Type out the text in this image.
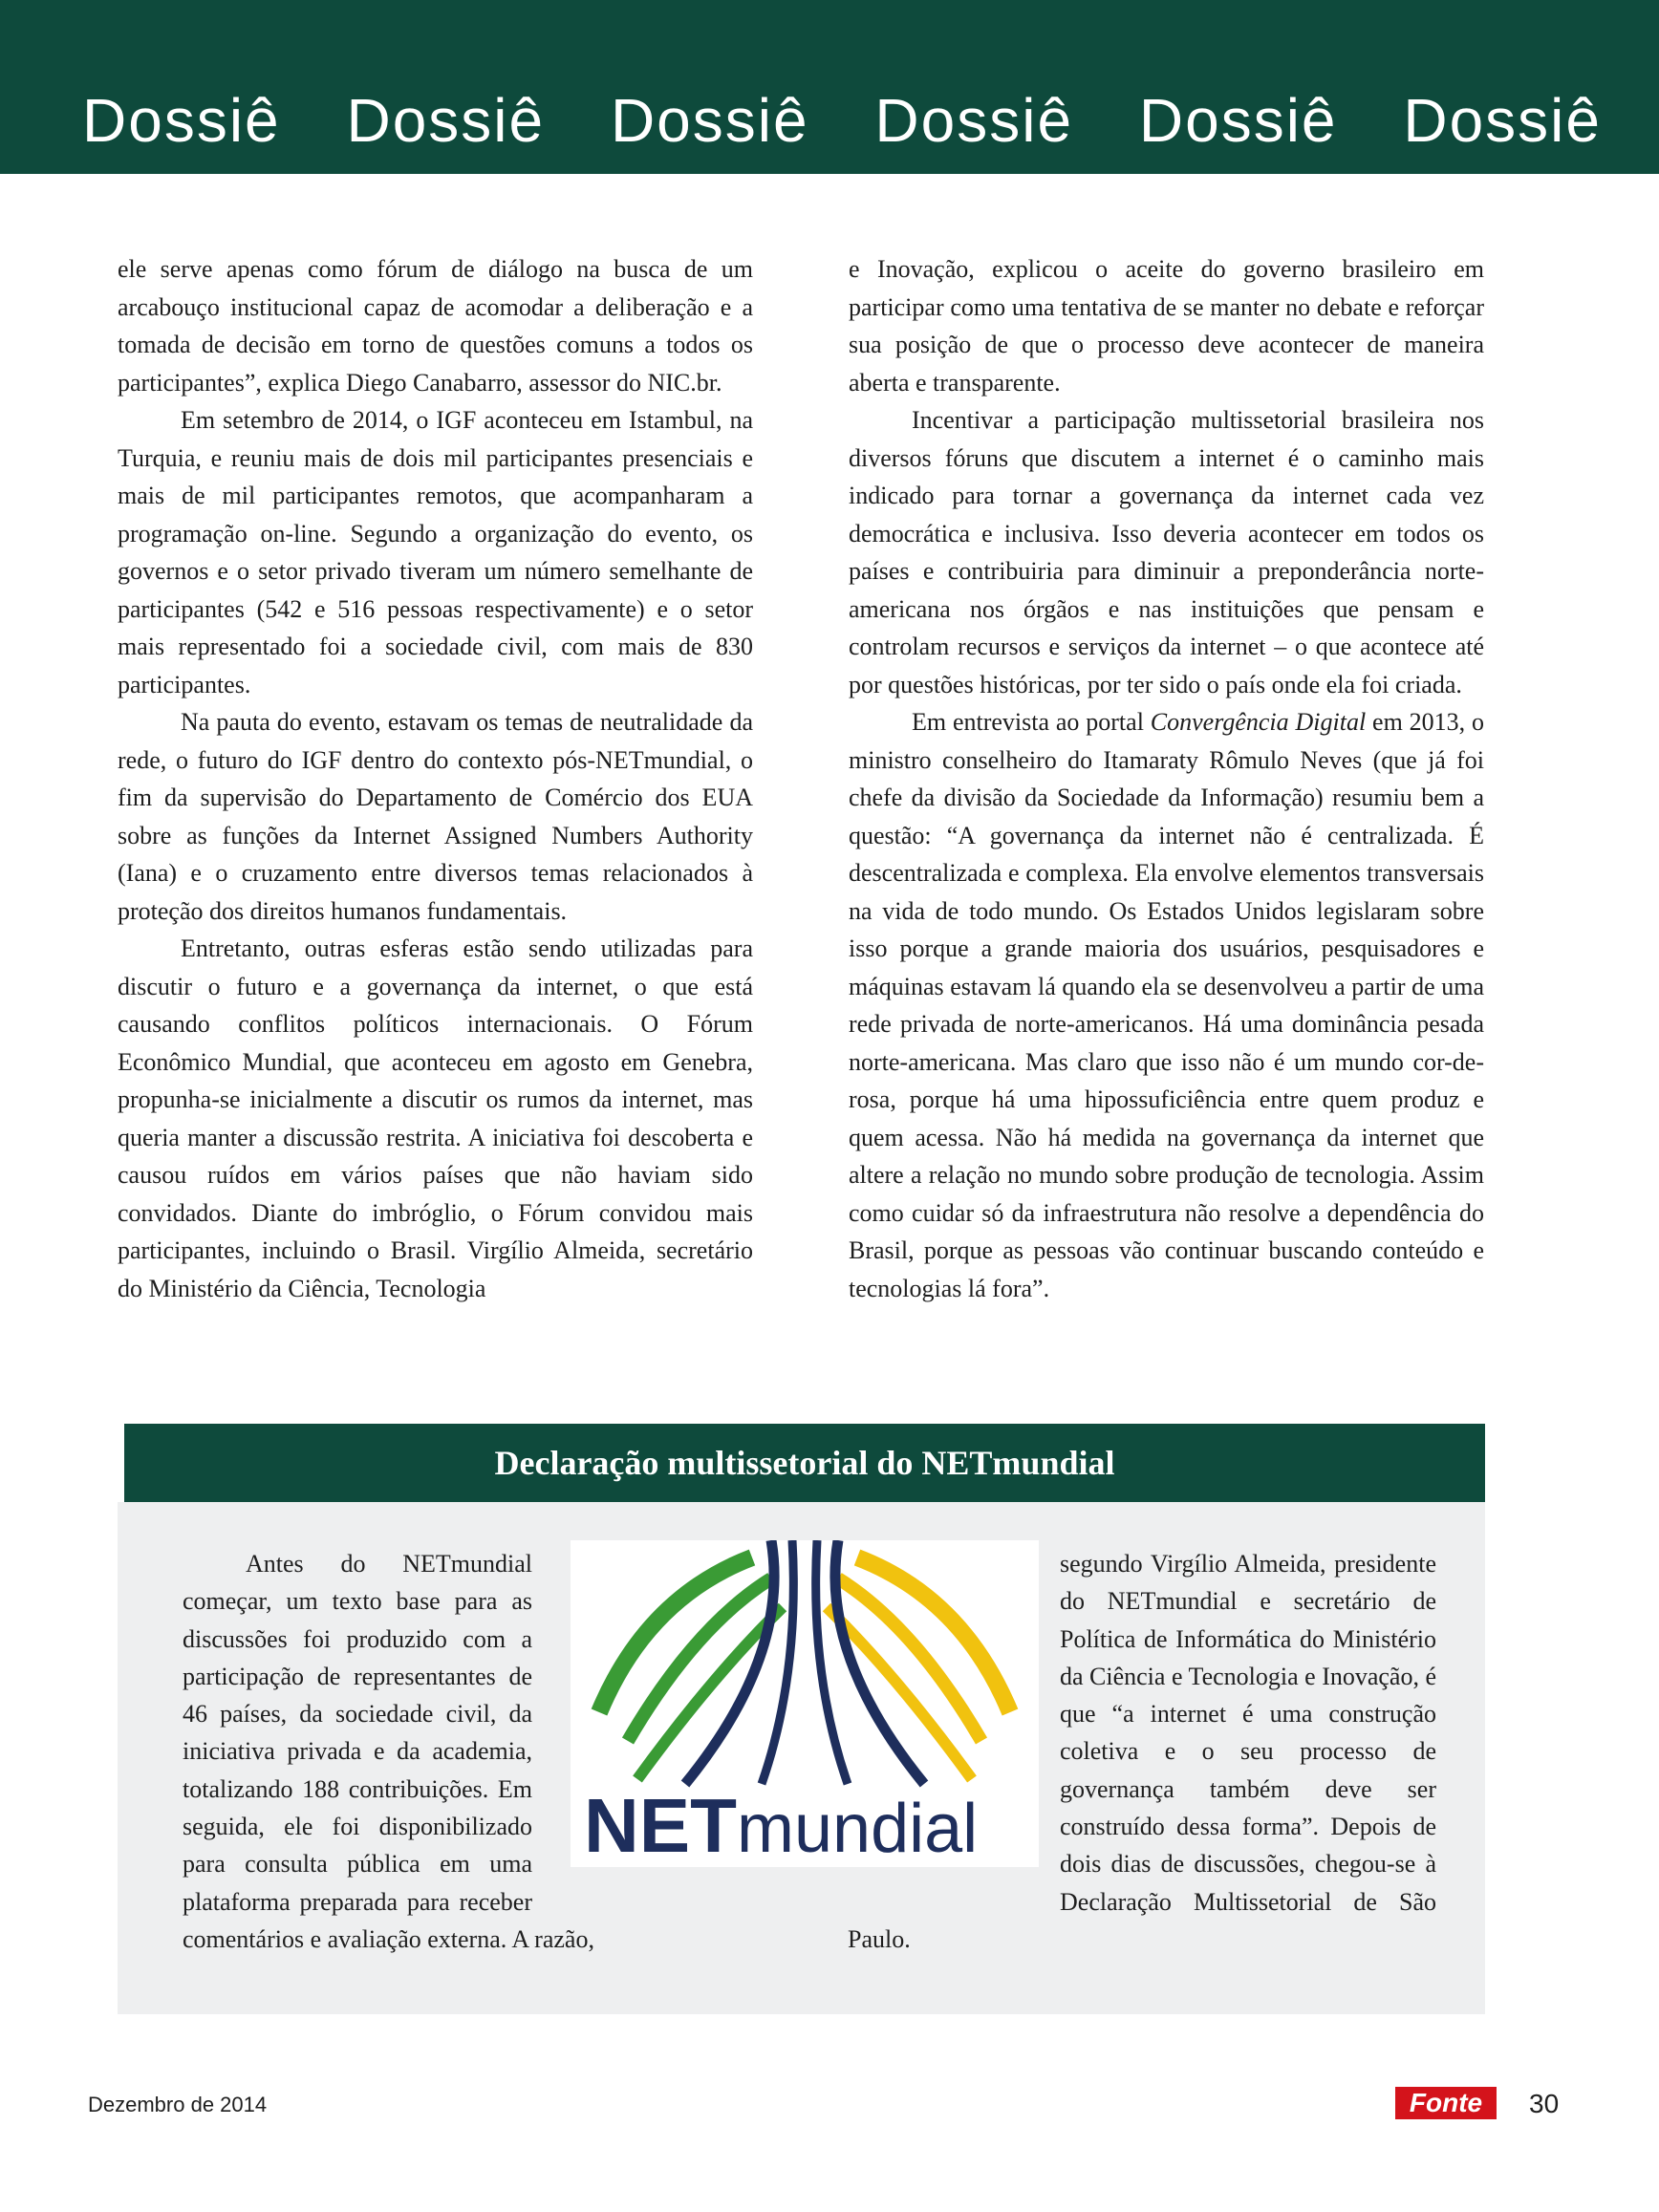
Dossiê Dossiê Dossiê Dossiê Dossiê Dossiê

ele serve apenas como fórum de diálogo na busca de um arcabouço institucional capaz de acomodar a deliberação e a tomada de decisão em torno de questões comuns a todos os participantes”, explica Diego Canabarro, assessor do NIC.br.

Em setembro de 2014, o IGF aconteceu em Istambul, na Turquia, e reuniu mais de dois mil participantes presenciais e mais de mil participantes remotos, que acompanharam a programação on-line. Segundo a organização do evento, os governos e o setor privado tiveram um número semelhante de participantes (542 e 516 pessoas respectivamente) e o setor mais representado foi a sociedade civil, com mais de 830 participantes.

Na pauta do evento, estavam os temas de neutralidade da rede, o futuro do IGF dentro do contexto pós-NETmundial, o fim da supervisão do Departamento de Comércio dos EUA sobre as funções da Internet Assigned Numbers Authority (Iana) e o cruzamento entre diversos temas relacionados à proteção dos direitos humanos fundamentais.

Entretanto, outras esferas estão sendo utilizadas para discutir o futuro e a governança da internet, o que está causando conflitos políticos internacionais. O Fórum Econômico Mundial, que aconteceu em agosto em Genebra, propunha-se inicialmente a discutir os rumos da internet, mas queria manter a discussão restrita. A iniciativa foi descoberta e causou ruídos em vários países que não haviam sido convidados. Diante do imbróglio, o Fórum convidou mais participantes, incluindo o Brasil. Virgílio Almeida, secretário do Ministério da Ciência, Tecnologia

e Inovação, explicou o aceite do governo brasileiro em participar como uma tentativa de se manter no debate e reforçar sua posição de que o processo deve acontecer de maneira aberta e transparente.

Incentivar a participação multissetorial brasileira nos diversos fóruns que discutem a internet é o caminho mais indicado para tornar a governança da internet cada vez democrática e inclusiva. Isso deveria acontecer em todos os países e contribuiria para diminuir a preponderância norte-americana nos órgãos e nas instituições que pensam e controlam recursos e serviços da internet – o que acontece até por questões históricas, por ter sido o país onde ela foi criada.

Em entrevista ao portal Convergência Digital em 2013, o ministro conselheiro do Itamaraty Rômulo Neves (que já foi chefe da divisão da Sociedade da Informação) resumiu bem a questão: “A governança da internet não é centralizada. É descentralizada e complexa. Ela envolve elementos transversais na vida de todo mundo. Os Estados Unidos legislaram sobre isso porque a grande maioria dos usuários, pesquisadores e máquinas estavam lá quando ela se desenvolveu a partir de uma rede privada de norte-americanos. Há uma dominância pesada norte-americana. Mas claro que isso não é um mundo cor-de-rosa, porque há uma hipossuficiência entre quem produz e quem acessa. Não há medida na governança da internet que altere a relação no mundo sobre produção de tecnologia. Assim como cuidar só da infraestrutura não resolve a dependência do Brasil, porque as pessoas vão continuar buscando conteúdo e tecnologias lá fora”.

Declaração multissetorial do NETmundial

Antes do NETmundial começar, um texto base para as discussões foi produzido com a participação de representantes de 46 países, da sociedade civil, da iniciativa privada e da academia, totalizando 188 contribuições. Em seguida, ele foi disponibilizado para consulta pública em uma plataforma preparada para receber comentários e avaliação externa. A razão,

segundo Virgílio Almeida, presidente do NETmundial e secretário de Política de Informática do Ministério da Ciência e Tecnologia e Inovação, é que “a internet é uma construção coletiva e o seu processo de governança também deve ser construído dessa forma”. Depois de dois dias de discussões, chegou-se à Declaração Multissetorial de São Paulo.

NETmundial
Dezembro de 2014	Fonte	30
